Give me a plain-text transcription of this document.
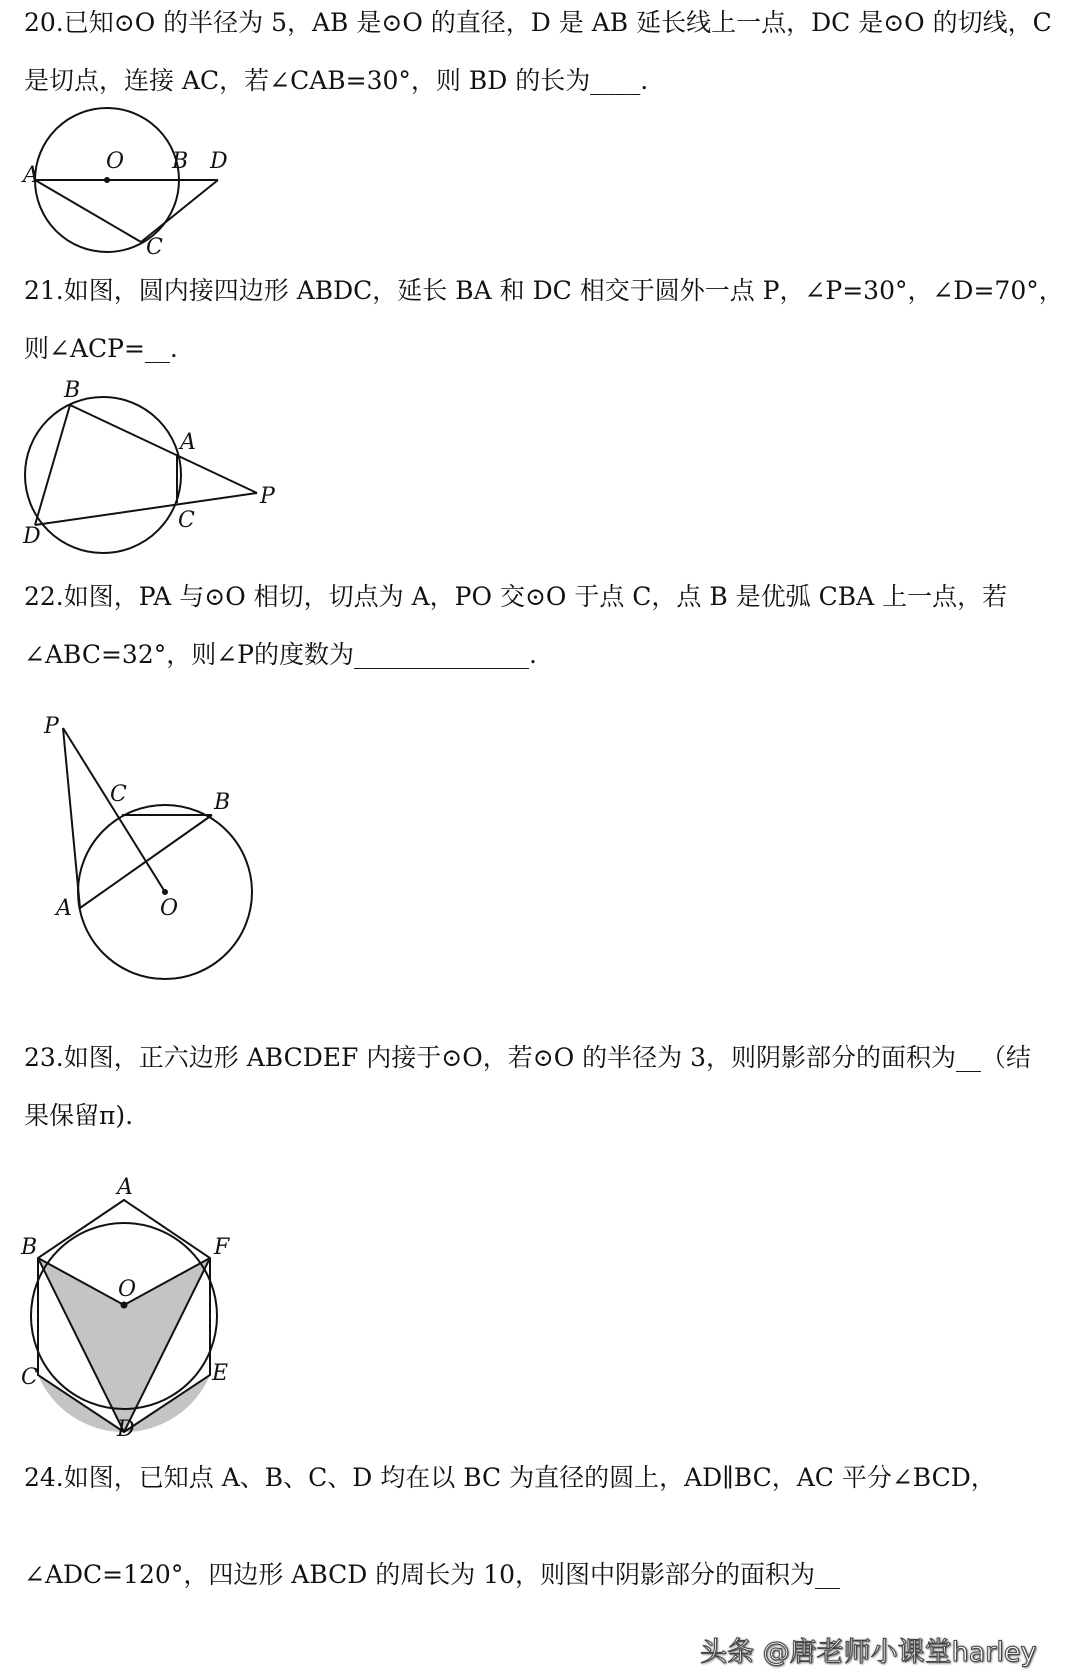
20.已知⊙O 的半径为 5，AB 是⊙O 的直径，D 是 AB 延长线上一点，DC 是⊙O 的切线，C
是切点，连接 AC，若∠CAB=30°，则 BD 的长为____.
A
O B D
C
21.如图，圆内接四边形 ABDC，延长 BA 和 DC 相交于圆外一点 P，∠P=30°，∠D=70°，
则∠ACP=__.
B
A
P
C
D
22.如图，PA 与⊙O 相切，切点为 A，PO 交⊙O 于点 C，点 B 是优弧 CBA 上一点，若
∠ABC=32°，则∠P的度数为______________.
P
C	B
A	O
23.如图，正六边形 ABCDEF 内接于⊙O，若⊙O 的半径为 3，则阴影部分的面积为__（结
果保留π).
A
B	F
O
C	E
D
24.如图，已知点 A、B、C、D 均在以 BC 为直径的圆上，AD∥BC，AC 平分∠BCD，
∠ADC=120°，四边形 ABCD 的周长为 10，则图中阴影部分的面积为__
头条 @唐老师小课堂harley
